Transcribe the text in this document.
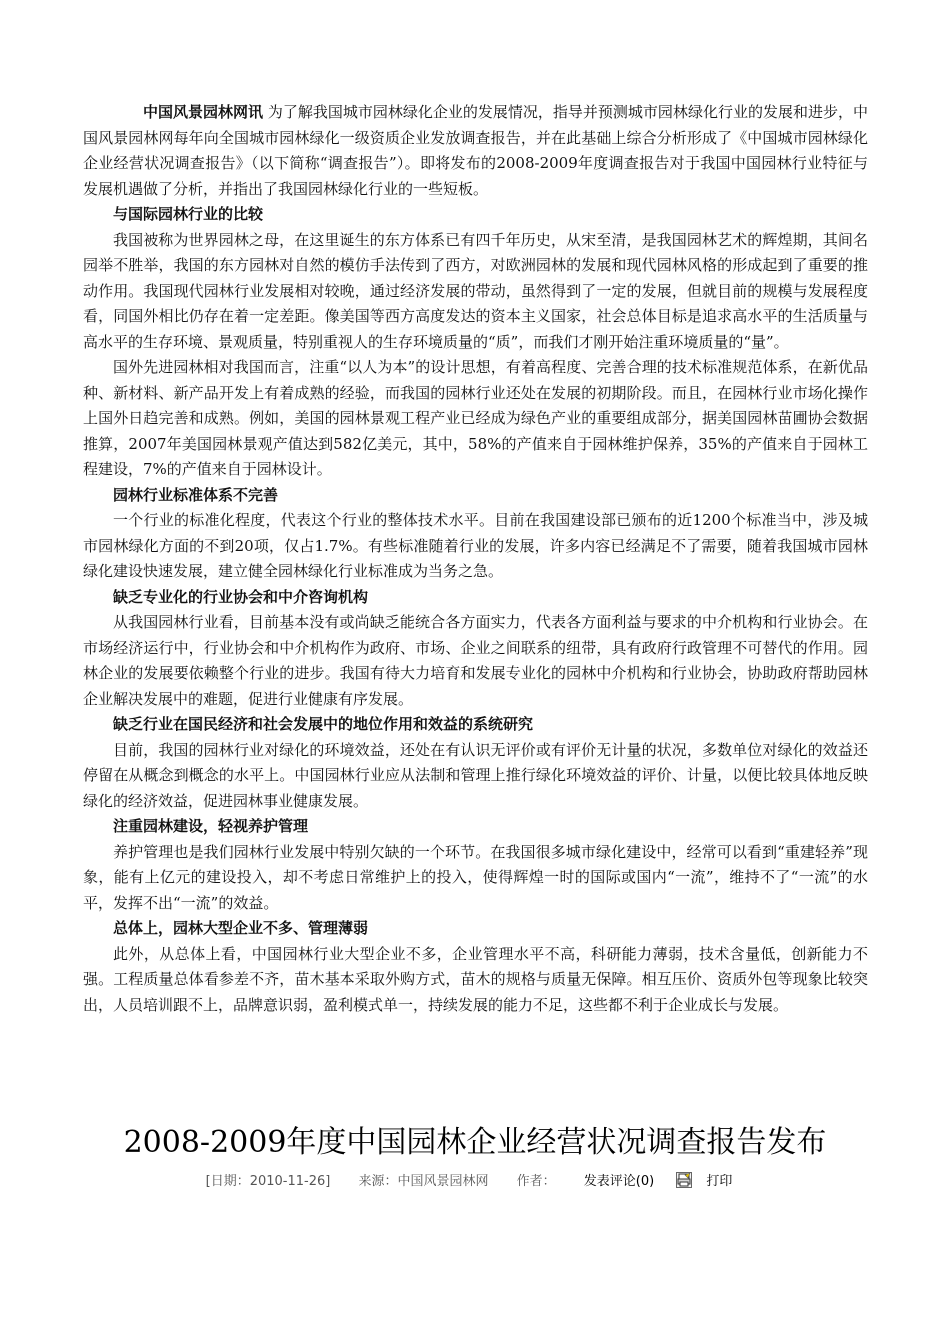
中国风景园林网讯 为了解我国城市园林绿化企业的发展情况，指导并预测城市园林绿化行业的发展和进步，中国风景园林网每年向全国城市园林绿化一级资质企业发放调查报告，并在此基础上综合分析形成了《中国城市园林绿化企业经营状况调查报告》（以下简称“调查报告”）。即将发布的2008-2009年度调查报告对于我国中国园林行业特征与发展机遇做了分析，并指出了我国园林绿化行业的一些短板。

与国际园林行业的比较

我国被称为世界园林之母，在这里诞生的东方体系已有四千年历史，从宋至清，是我国园林艺术的辉煌期，其间名园举不胜举，我国的东方园林对自然的模仿手法传到了西方，对欧洲园林的发展和现代园林风格的形成起到了重要的推动作用。我国现代园林行业发展相对较晚，通过经济发展的带动，虽然得到了一定的发展，但就目前的规模与发展程度看，同国外相比仍存在着一定差距。像美国等西方高度发达的资本主义国家，社会总体目标是追求高水平的生活质量与高水平的生存环境、景观质量，特别重视人的生存环境质量的“质”，而我们才刚开始注重环境质量的“量”。

国外先进园林相对我国而言，注重“以人为本”的设计思想，有着高程度、完善合理的技术标准规范体系，在新优品种、新材料、新产品开发上有着成熟的经验，而我国的园林行业还处在发展的初期阶段。而且，在园林行业市场化操作上国外日趋完善和成熟。例如，美国的园林景观工程产业已经成为绿色产业的重要组成部分，据美国园林苗圃协会数据推算，2007年美国园林景观产值达到582亿美元，其中，58%的产值来自于园林维护保养，35%的产值来自于园林工程建设，7%的产值来自于园林设计。

园林行业标准体系不完善

一个行业的标准化程度，代表这个行业的整体技术水平。目前在我国建设部已颁布的近1200个标准当中，涉及城市园林绿化方面的不到20项，仅占1.7%。有些标准随着行业的发展，许多内容已经满足不了需要，随着我国城市园林绿化建设快速发展，建立健全园林绿化行业标准成为当务之急。

缺乏专业化的行业协会和中介咨询机构

从我国园林行业看，目前基本没有或尚缺乏能统合各方面实力，代表各方面利益与要求的中介机构和行业协会。在市场经济运行中，行业协会和中介机构作为政府、市场、企业之间联系的纽带，具有政府行政管理不可替代的作用。园林企业的发展要依赖整个行业的进步。我国有待大力培育和发展专业化的园林中介机构和行业协会，协助政府帮助园林企业解决发展中的难题，促进行业健康有序发展。

缺乏行业在国民经济和社会发展中的地位作用和效益的系统研究

目前，我国的园林行业对绿化的环境效益，还处在有认识无评价或有评价无计量的状况，多数单位对绿化的效益还停留在从概念到概念的水平上。中国园林行业应从法制和管理上推行绿化环境效益的评价、计量，以便比较具体地反映绿化的经济效益，促进园林事业健康发展。

注重园林建设，轻视养护管理

养护管理也是我们园林行业发展中特别欠缺的一个环节。在我国很多城市绿化建设中，经常可以看到“重建轻养”现象，能有上亿元的建设投入，却不考虑日常维护上的投入，使得辉煌一时的国际或国内“一流”，维持不了“一流”的水平，发挥不出“一流”的效益。

总体上，园林大型企业不多、管理薄弱

此外，从总体上看，中国园林行业大型企业不多，企业管理水平不高，科研能力薄弱，技术含量低，创新能力不强。工程质量总体看参差不齐，苗木基本采取外购方式，苗木的规格与质量无保障。相互压价、资质外包等现象比较突出，人员培训跟不上，品牌意识弱，盈利模式单一，持续发展的能力不足，这些都不利于企业成长与发展。

2008-2009年度中国园林企业经营状况调查报告发布
[日期：2010-11-26] 来源：中国风景园林网 作者： 发表评论(0)	打印
